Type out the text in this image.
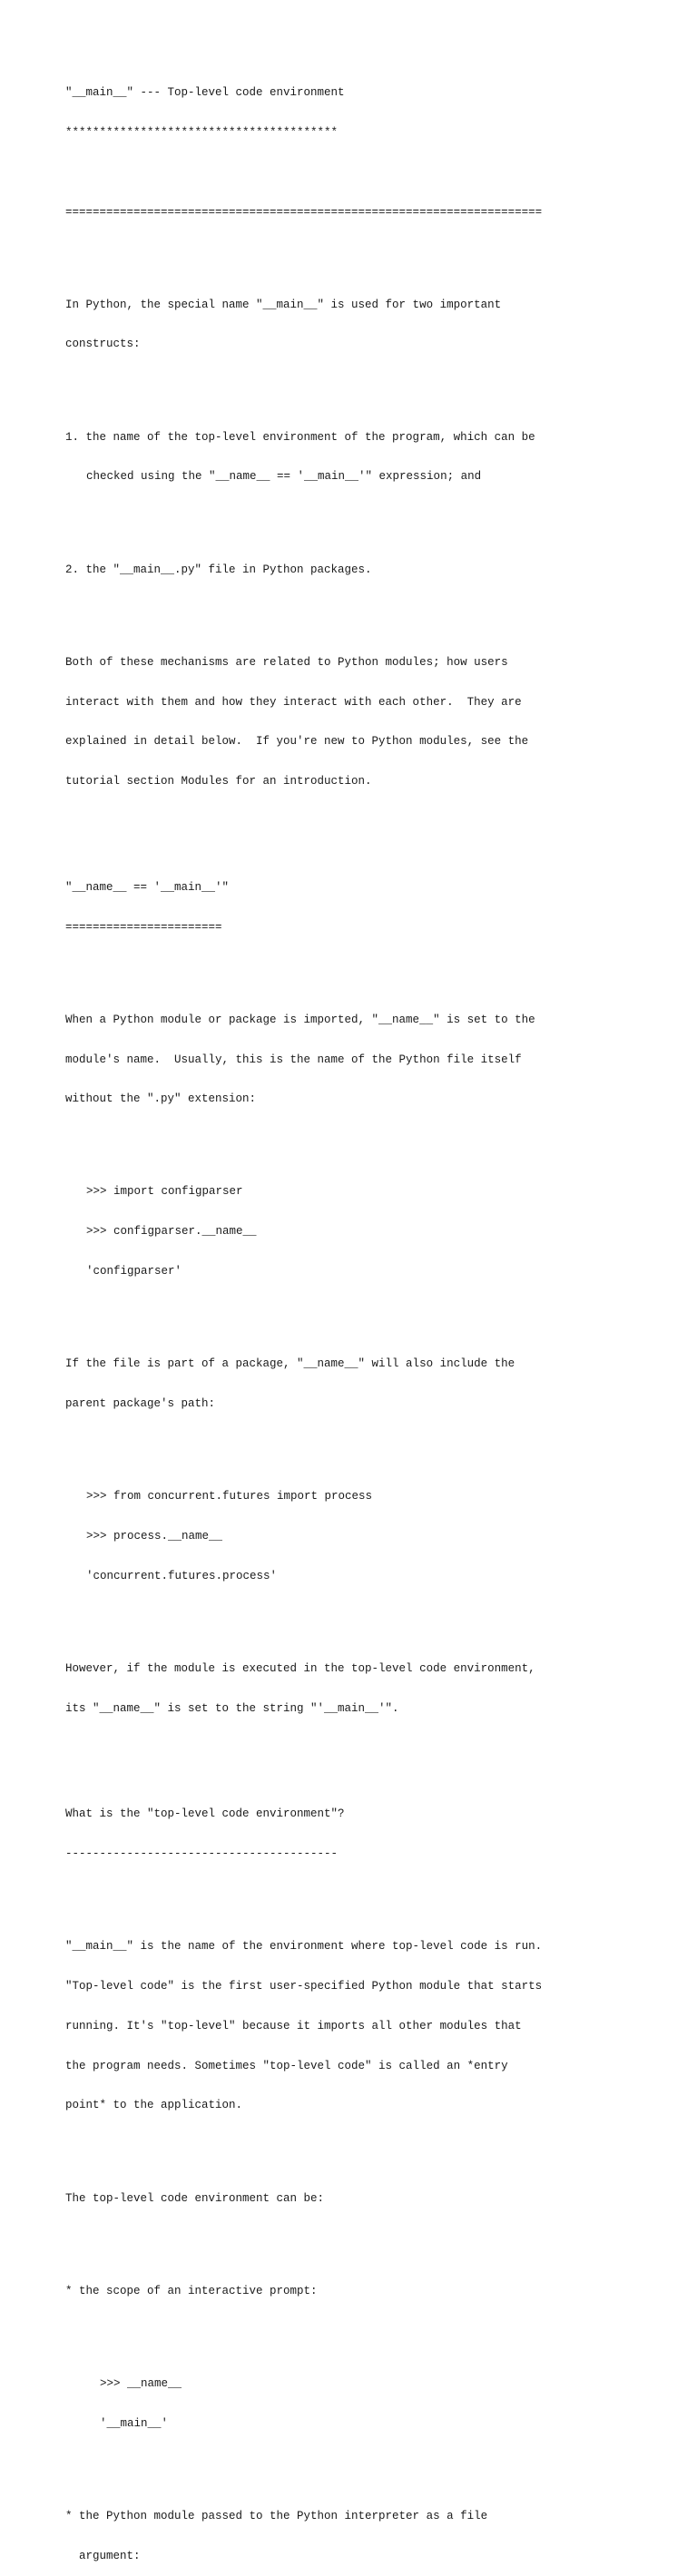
"__main__" --- Top-level code environment

****************************************

======================================================================

In Python, the special name "__main__" is used for two important

constructs:

1. the name of the top-level environment of the program, which can be

checked using the "__name__ == '__main__'" expression; and

2. the "__main__.py" file in Python packages.

Both of these mechanisms are related to Python modules; how users

interact with them and how they interact with each other.  They are

explained in detail below.  If you're new to Python modules, see the

tutorial section Modules for an introduction.

"__name__ == '__main__'"

=======================

When a Python module or package is imported, "__name__" is set to the

module's name.  Usually, this is the name of the Python file itself

without the ".py" extension:

>>> import configparser

>>> configparser.__name__

'configparser'

If the file is part of a package, "__name__" will also include the

parent package's path:

>>> from concurrent.futures import process

>>> process.__name__

'concurrent.futures.process'

However, if the module is executed in the top-level code environment,

its "__name__" is set to the string "'__main__'".

What is the "top-level code environment"?

----------------------------------------

"__main__" is the name of the environment where top-level code is run.

"Top-level code" is the first user-specified Python module that starts

running. It's "top-level" because it imports all other modules that

the program needs. Sometimes "top-level code" is called an *entry

point* to the application.

The top-level code environment can be:

* the scope of an interactive prompt:

>>> __name__

'__main__'

* the Python module passed to the Python interpreter as a file

argument:
